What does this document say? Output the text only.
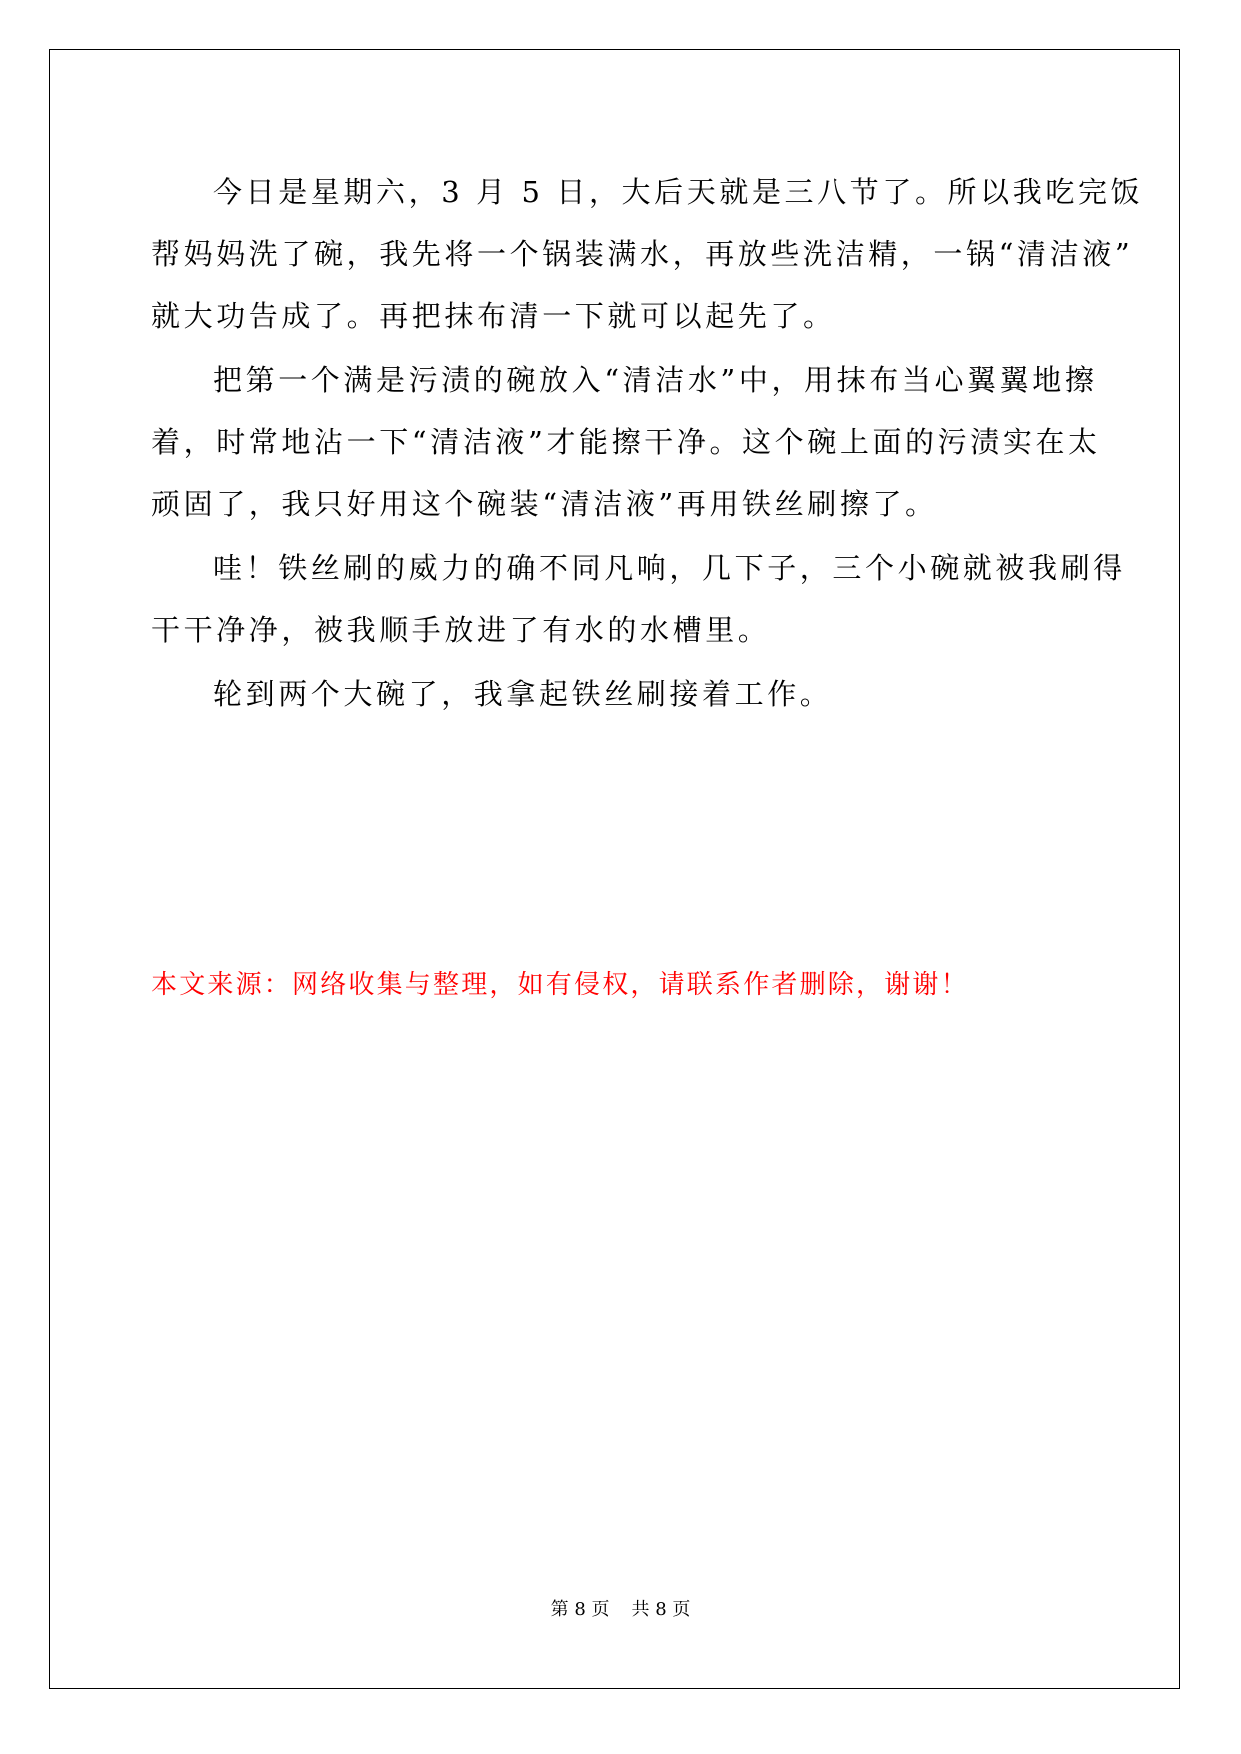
今日是星期六，3 月 5 日，大后天就是三八节了。所以我吃完饭
帮妈妈洗了碗，我先将一个锅装满水，再放些洗洁精，一锅“清洁液”
就大功告成了。再把抹布清一下就可以起先了。
把第一个满是污渍的碗放入“清洁水”中，用抹布当心翼翼地擦
着，时常地沾一下“清洁液”才能擦干净。这个碗上面的污渍实在太
顽固了，我只好用这个碗装“清洁液”再用铁丝刷擦了。
哇！铁丝刷的威力的确不同凡响，几下子，三个小碗就被我刷得
干干净净，被我顺手放进了有水的水槽里。
轮到两个大碗了，我拿起铁丝刷接着工作。
本文来源：网络收集与整理，如有侵权，请联系作者删除，谢谢！
第 8 页 共 8 页
